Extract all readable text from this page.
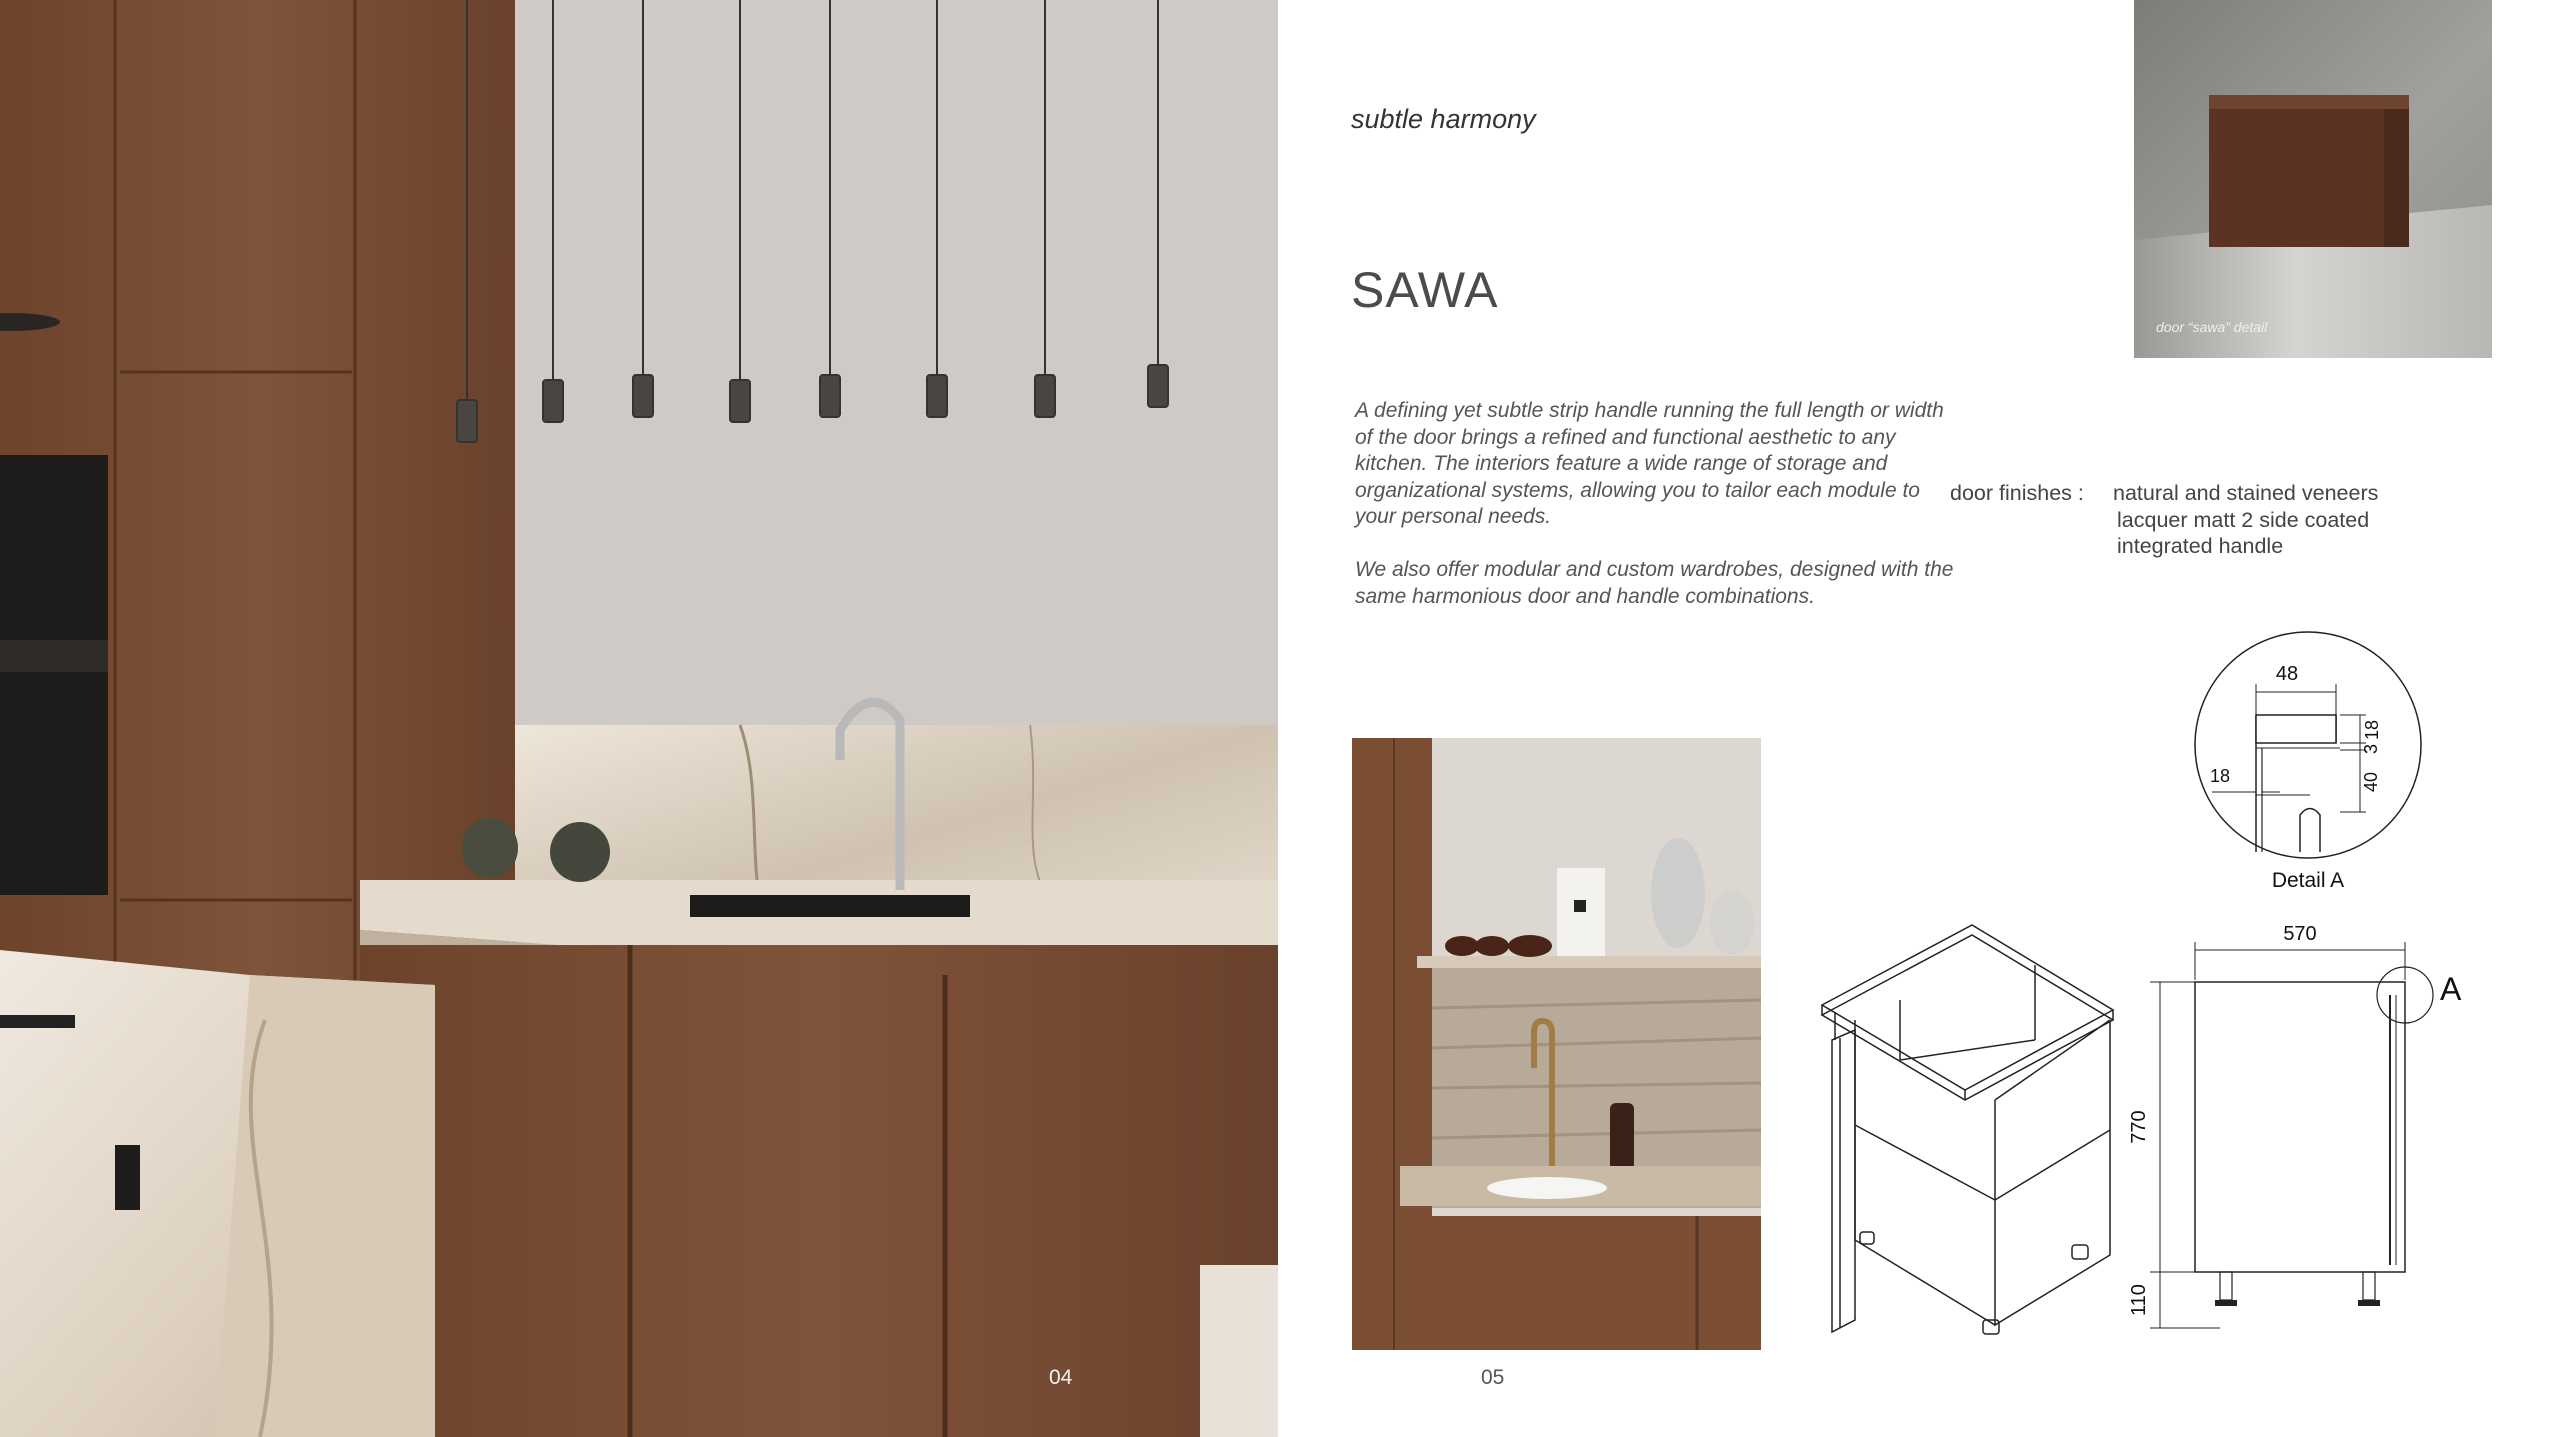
04
subtle harmony
SAWA

A defining yet subtle strip handle running the full length or width of the door brings a refined and functional aesthetic to any kitchen. The interiors feature a wide range of storage and organizational systems, allowing you to tailor each module to your personal needs.

We also offer modular and custom wardrobes, designed with the same harmonious door and handle combinations.

door finishes : natural and stained veneers
lacquer matt 2 side coated
integrated handle
door “sawa” detail
05
48
18
3
40
18
Detail A
570
A
770
110
